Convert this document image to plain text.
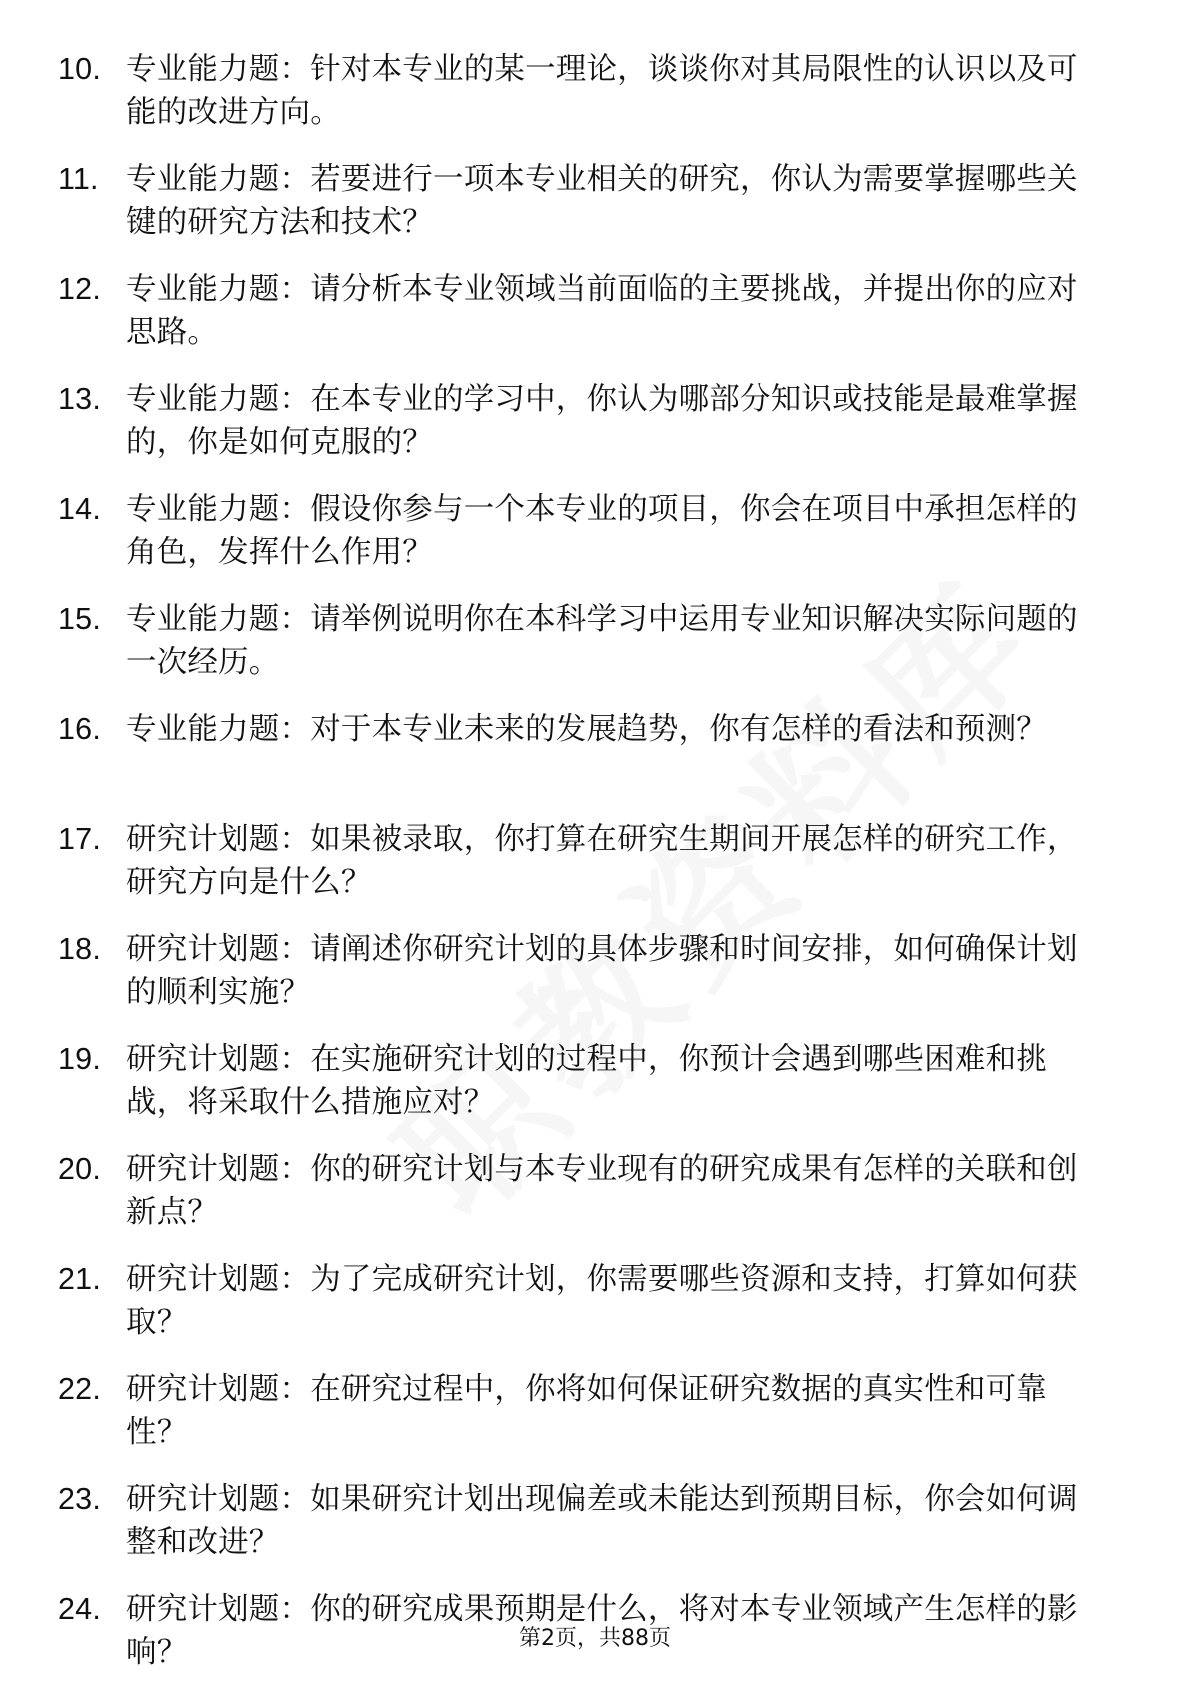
10. 专业能力题：针对本专业的某一理论，谈谈你对其局限性的认识以及可能的改进方向。
11. 专业能力题：若要进行一项本专业相关的研究，你认为需要掌握哪些关键的研究方法和技术？
12. 专业能力题：请分析本专业领域当前面临的主要挑战，并提出你的应对思路。
13. 专业能力题：在本专业的学习中，你认为哪部分知识或技能是最难掌握的，你是如何克服的？
14. 专业能力题：假设你参与一个本专业的项目，你会在项目中承担怎样的角色，发挥什么作用？
15. 专业能力题：请举例说明你在本科学习中运用专业知识解决实际问题的一次经历。
16. 专业能力题：对于本专业未来的发展趋势，你有怎样的看法和预测？
17. 研究计划题：如果被录取，你打算在研究生期间开展怎样的研究工作，研究方向是什么？
18. 研究计划题：请阐述你研究计划的具体步骤和时间安排，如何确保计划的顺利实施？
19. 研究计划题：在实施研究计划的过程中，你预计会遇到哪些困难和挑战，将采取什么措施应对？
20. 研究计划题：你的研究计划与本专业现有的研究成果有怎样的关联和创新点？
21. 研究计划题：为了完成研究计划，你需要哪些资源和支持，打算如何获取？
22. 研究计划题：在研究过程中，你将如何保证研究数据的真实性和可靠性？
23. 研究计划题：如果研究计划出现偏差或未能达到预期目标，你会如何调整和改进？
24. 研究计划题：你的研究成果预期是什么，将对本专业领域产生怎样的影响？	第2页，共88页
